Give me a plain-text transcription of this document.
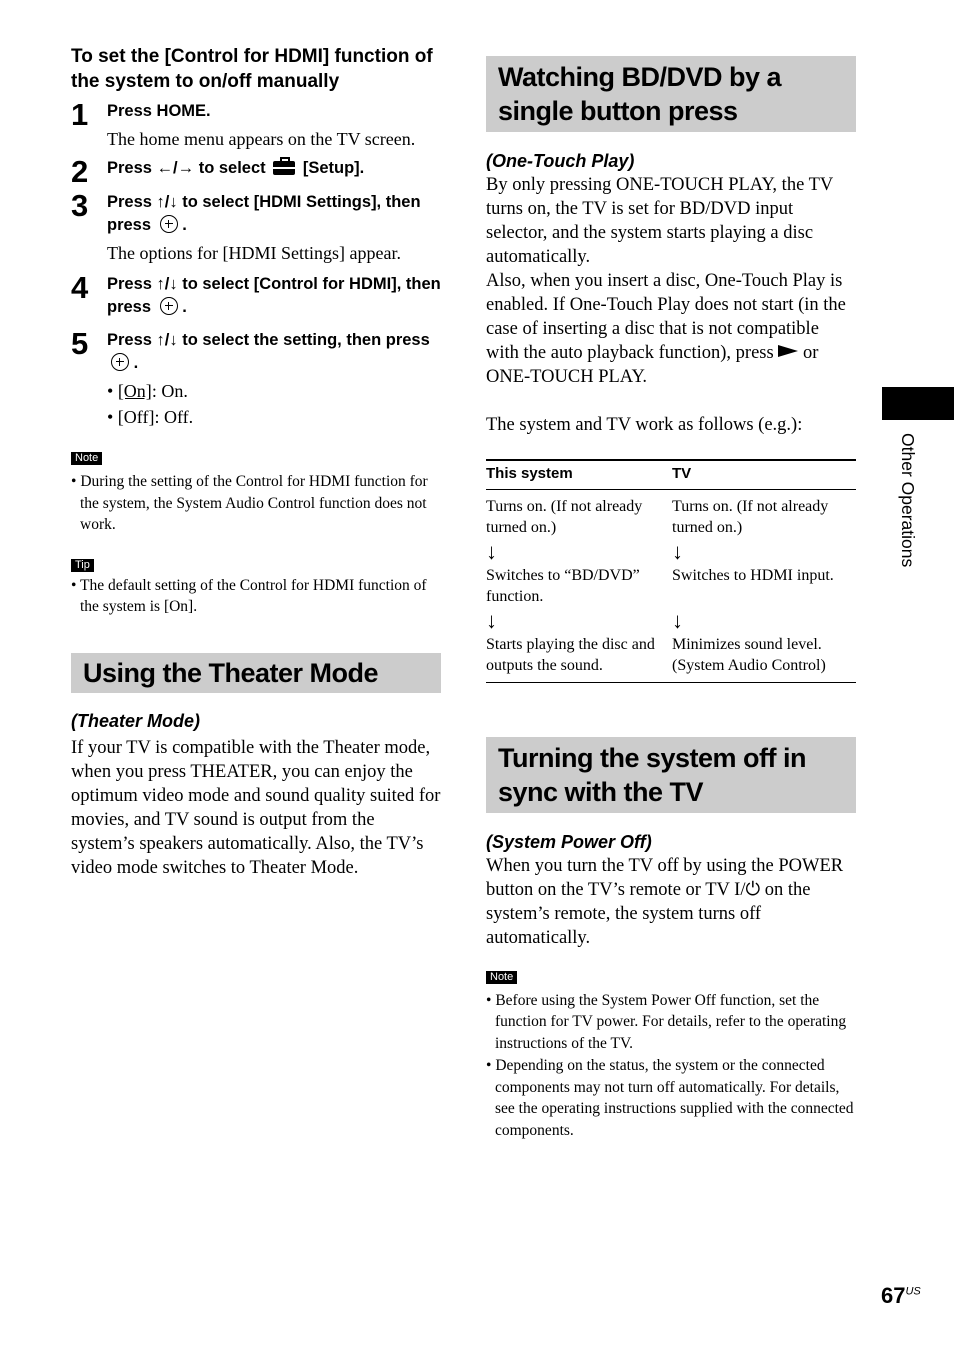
To set the [Control for HDMI] function of the system to on/off manually
1 Press HOME.
The home menu appears on the TV screen.
2 Press ←/→ to select [Setup].
3 Press ↑/↓ to select [HDMI Settings], then press .
The options for [HDMI Settings] appear.
4 Press ↑/↓ to select [Control for HDMI], then press .
5 Press ↑/↓ to select the setting, then press  .
• [On]: On.
• [Off]: Off.
Note
• During the setting of the Control for HDMI function for the system, the System Audio Control function does not work.
Tip
• The default setting of the Control for HDMI function of the system is [On].
Using the Theater Mode
(Theater Mode)
If your TV is compatible with the Theater mode, when you press THEATER, you can enjoy the optimum video mode and sound quality suited for movies, and TV sound is output from the system’s speakers automatically. Also, the TV’s video mode switches to Theater Mode.
Watching BD/DVD by a single button press
(One-Touch Play)
By only pressing ONE-TOUCH PLAY, the TV turns on, the TV is set for BD/DVD input selector, and the system starts playing a disc automatically.
Also, when you insert a disc, One-Touch Play is enabled. If One-Touch Play does not start (in the case of inserting a disc that is not compatible with the auto playback function), press or ONE-TOUCH PLAY.
The system and TV work as follows (e.g.):
This system	TV
Turns on. (If not already turned on.)	Turns on. (If not already turned on.)
↓	↓
Switches to “BD/DVD” function.	Switches to HDMI input.
↓	↓
Starts playing the disc and outputs the sound.	Minimizes sound level. (System Audio Control)
Turning the system off in sync with the TV
(System Power Off)
When you turn the TV off by using the POWER button on the TV’s remote or TV I/⏻ on the system’s remote, the system turns off automatically.
Note
• Before using the System Power Off function, set the function for TV power. For details, refer to the operating instructions of the TV.
• Depending on the status, the system or the connected components may not turn off automatically. For details, see the operating instructions supplied with the connected components.
Other Operations
$67^{US}$
